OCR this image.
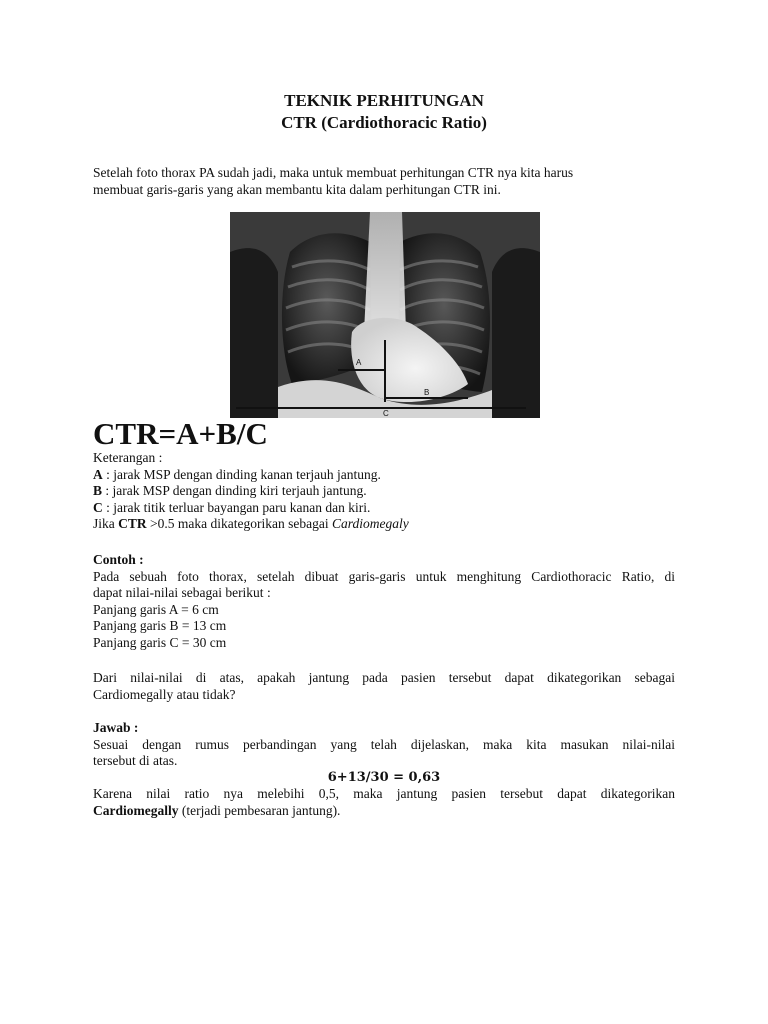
TEKNIK PERHITUNGAN
CTR (Cardiothoracic Ratio)
Setelah foto thorax PA sudah jadi, maka untuk membuat perhitungan CTR nya kita harus
membuat garis-garis yang akan membantu kita dalam perhitungan CTR ini.
A
B
C
CTR=A+B/C
Keterangan :
A : jarak MSP dengan dinding kanan terjauh jantung.
B : jarak MSP dengan dinding kiri terjauh jantung.
C : jarak titik terluar bayangan paru kanan dan kiri.
Jika CTR >0.5 maka dikategorikan sebagai Cardiomegaly
Contoh :
Pada sebuah foto thorax, setelah dibuat garis-garis untuk menghitung Cardiothoracic Ratio, di
dapat nilai-nilai sebagai berikut :
Panjang garis A = 6 cm
Panjang garis B = 13 cm
Panjang garis C = 30 cm
Dari nilai-nilai di atas, apakah jantung pada pasien tersebut dapat dikategorikan sebagai
Cardiomegally atau tidak?
Jawab :
Sesuai dengan rumus perbandingan yang telah dijelaskan, maka kita masukan nilai-nilai
tersebut di atas.
6+13/30 = 0,63
Karena nilai ratio nya melebihi 0,5, maka jantung pasien tersebut dapat dikategorikan
Cardiomegally (terjadi pembesaran jantung).
